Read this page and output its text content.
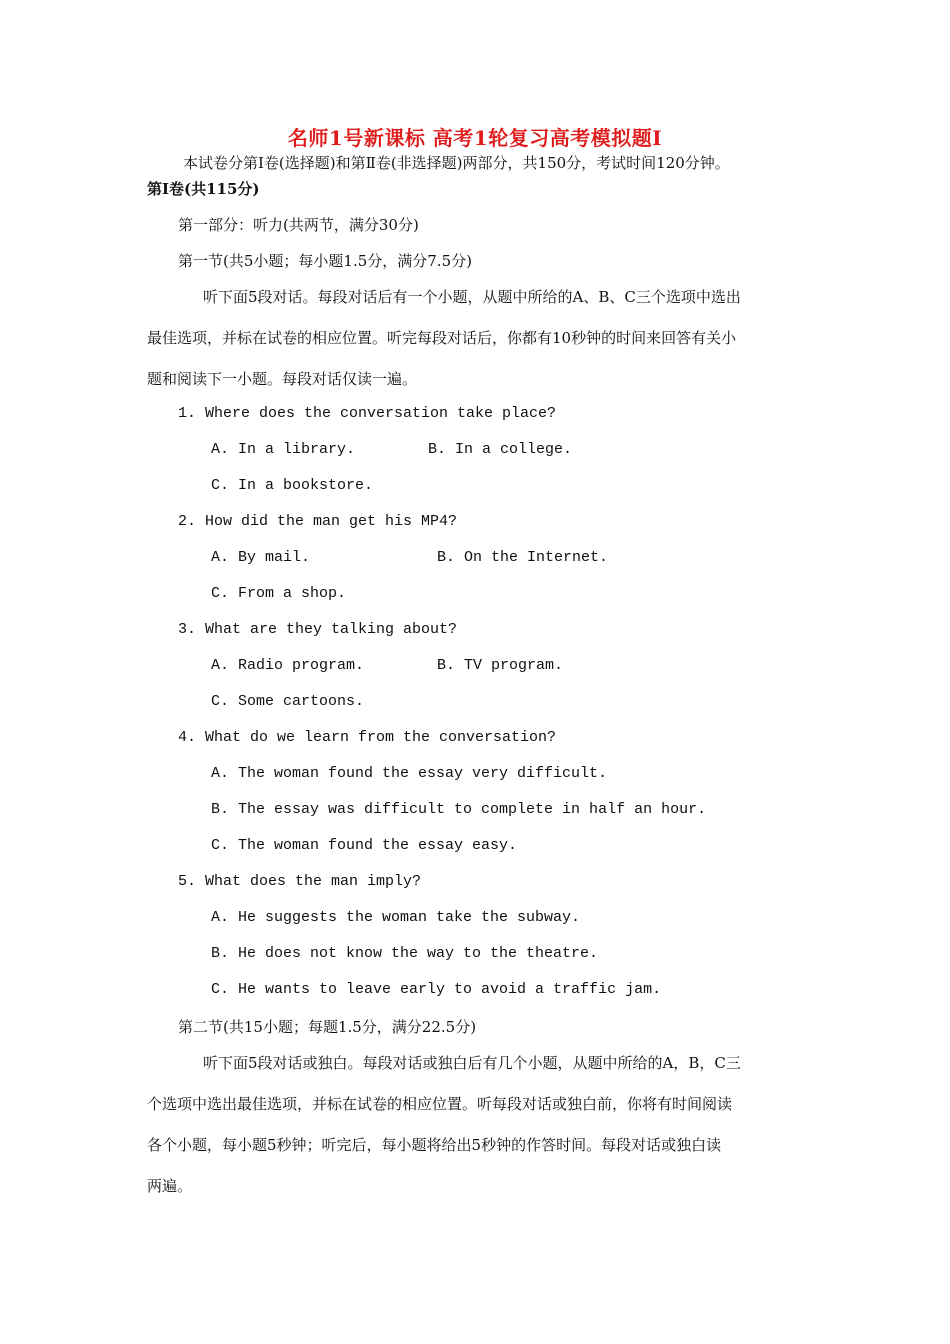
名师1号新课标 高考1轮复习高考模拟题Ⅰ
本试卷分第Ⅰ卷(选择题)和第Ⅱ卷(非选择题)两部分，共150分，考试时间120分钟。
第Ⅰ卷(共115分)
第一部分：听力(共两节，满分30分)
第一节(共5小题；每小题1.5分，满分7.5分)
听下面5段对话。每段对话后有一个小题，从题中所给的A、B、C三个选项中选出
最佳选项，并标在试卷的相应位置。听完每段对话后，你都有10秒钟的时间来回答有关小
题和阅读下一小题。每段对话仅读一遍。
1. Where does the conversation take place?
A. In a library.	B. In a college.
C. In a bookstore.
2. How did the man get his MP4?
A. By mail.	B. On the Internet.
C. From a shop.
3. What are they talking about?
A. Radio program.	B. TV program.
C. Some cartoons.
4. What do we learn from the conversation?
A. The woman found the essay very difficult.
B. The essay was difficult to complete in half an hour.
C. The woman found the essay easy.
5. What does the man imply?
A. He suggests the woman take the subway.
B. He does not know the way to the theatre.
C. He wants to leave early to avoid a traffic jam.
第二节(共15小题；每题1.5分，满分22.5分)
听下面5段对话或独白。每段对话或独白后有几个小题，从题中所给的A，B，C三
个选项中选出最佳选项，并标在试卷的相应位置。听每段对话或独白前，你将有时间阅读
各个小题，每小题5秒钟；听完后，每小题将给出5秒钟的作答时间。每段对话或独白读
两遍。
